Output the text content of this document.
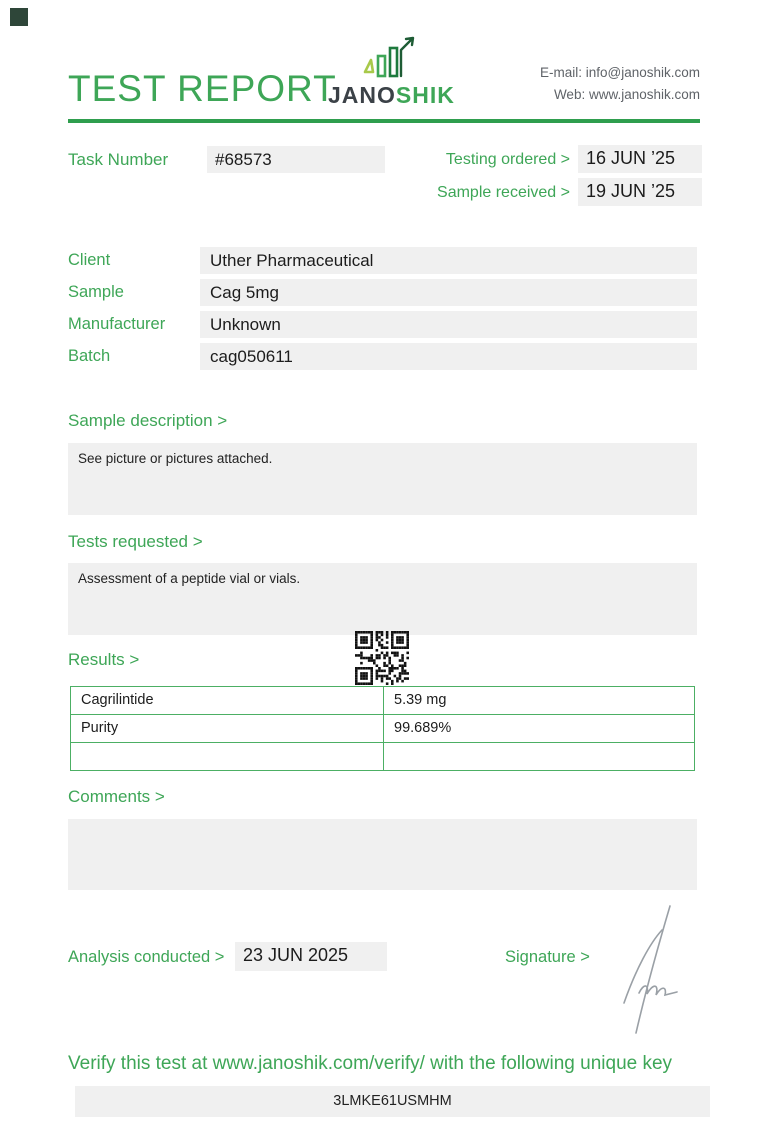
TEST REPORT
JANOSHIK
E-mail: info@janoshik.com
Web: www.janoshik.com
Task Number	#68573	Testing ordered > 16 JUN ’25
Sample received > 19 JUN ’25
Client	Uther Pharmaceutical
Sample	Cag 5mg
Manufacturer	Unknown
Batch	cag050611
Sample description >
See picture or pictures attached.
Tests requested >
Assessment of a peptide vial or vials.
Results >
Cagrilintide	5.39 mg
Purity	99.689%
Comments >
Analysis conducted >	23 JUN 2025	Signature >
Verify this test at www.janoshik.com/verify/ with the following unique key
3LMKE61USMHM
